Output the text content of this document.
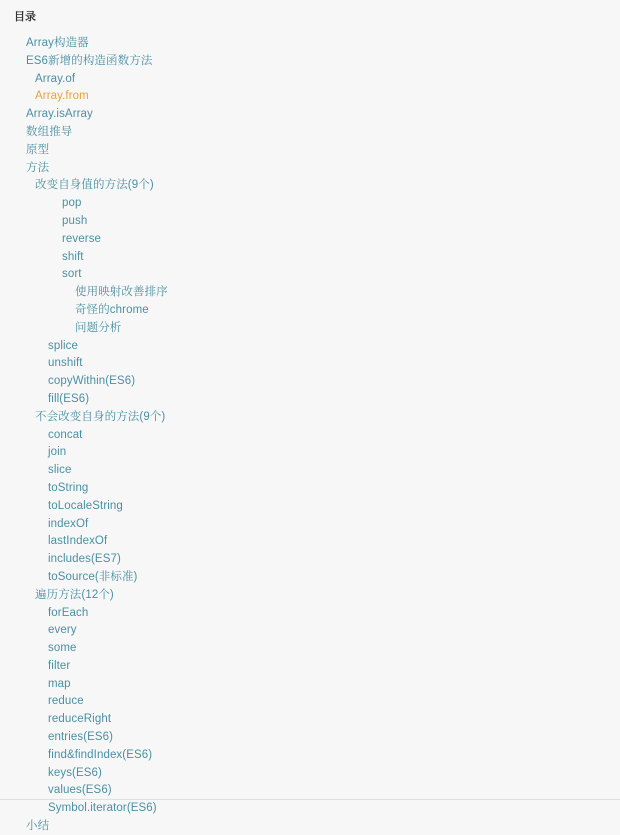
目录
Array构造器
ES6新增的构造函数方法
Array.of
Array.from
Array.isArray
数组推导
原型
方法
改变自身值的方法(9个)
pop
push
reverse
shift
sort
使用映射改善排序
奇怪的chrome
问题分析
splice
unshift
copyWithin(ES6)
fill(ES6)
不会改变自身的方法(9个)
concat
join
slice
toString
toLocaleString
indexOf
lastIndexOf
includes(ES7)
toSource(非标准)
遍历方法(12个)
forEach
every
some
filter
map
reduce
reduceRight
entries(ES6)
find&findIndex(ES6)
keys(ES6)
values(ES6)
Symbol.iterator(ES6)
小结
